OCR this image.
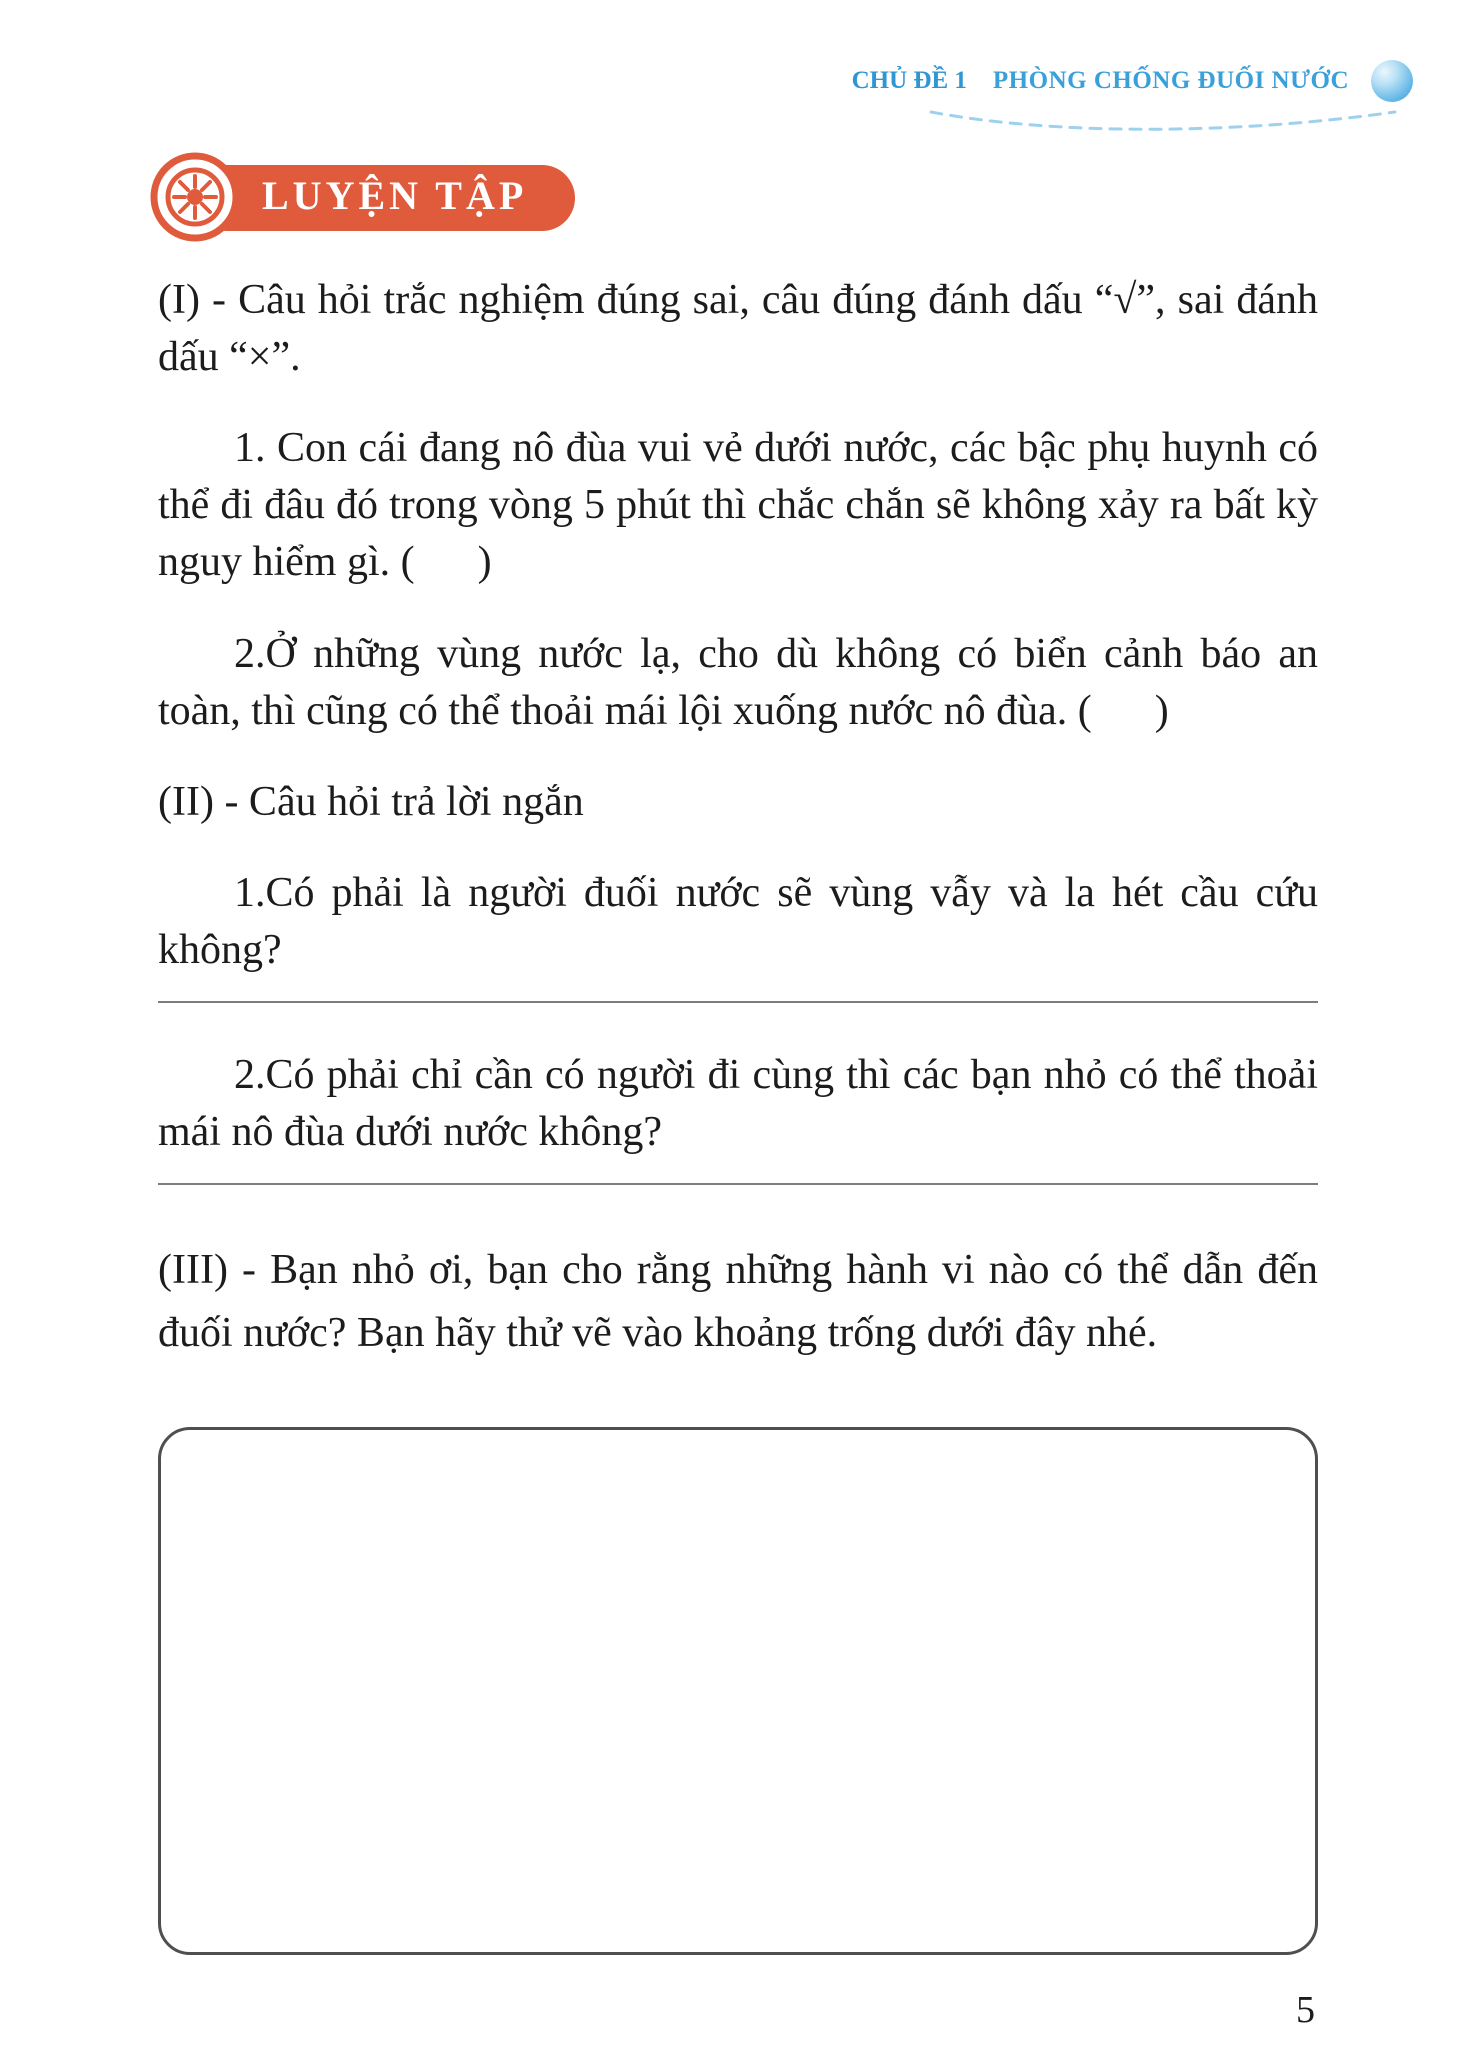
CHỦ ĐỀ 1 PHÒNG CHỐNG ĐUỐI NƯỚC
LUYỆN TẬP

(I) - Câu hỏi trắc nghiệm đúng sai, câu đúng đánh dấu “√”, sai đánh dấu “×”.

1. Con cái đang nô đùa vui vẻ dưới nước, các bậc phụ huynh có thể đi đâu đó trong vòng 5 phút thì chắc chắn sẽ không xảy ra bất kỳ nguy hiểm gì. (   )

2.Ở những vùng nước lạ, cho dù không có biển cảnh báo an toàn, thì cũng có thể thoải mái lội xuống nước nô đùa. (   )

(II) - Câu hỏi trả lời ngắn

1.Có phải là người đuối nước sẽ vùng vẫy và la hét cầu cứu không?

2.Có phải chỉ cần có người đi cùng thì các bạn nhỏ có thể thoải mái nô đùa dưới nước không?

(III) - Bạn nhỏ ơi, bạn cho rằng những hành vi nào có thể dẫn đến đuối nước? Bạn hãy thử vẽ vào khoảng trống dưới đây nhé.

5
